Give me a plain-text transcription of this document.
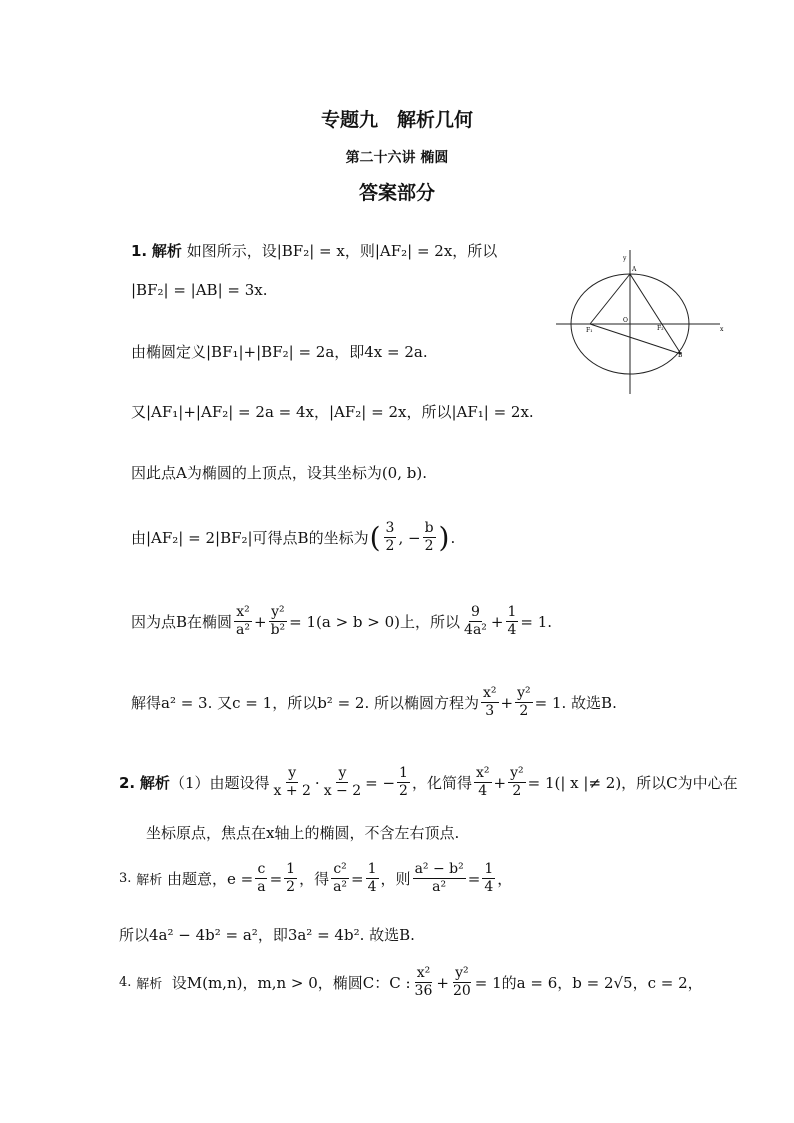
专题九　解析几何
第二十六讲 椭圆
答案部分
1.
解析
如图所示，设|BF₂| = x，则|AF₂| = 2x，所以
|BF₂| = |AB| = 3x.
由椭圆定义|BF₁|+|BF₂| = 2a，即4x = 2a.
又|AF₁|+|AF₂| = 2a = 4x，|AF₂| = 2x，所以|AF₁| = 2x.
因此点A为椭圆的上顶点，设其坐标为(0, b).
由|AF₂| = 2|BF₂|可得点B的坐标为 ( $\frac{3}{2}$ , − $\frac{b}{2}$ ) .
因为点B在椭圆 $\frac{\text{x²}}{\text{a²}} + \frac{\text{y²}}{\text{b²}} = 1(a > b > 0)$上，所以 $\frac{9}{\text{4a²}} + \frac{1}{4} = 1$.
解得a² = 3. 又c = 1，所以b² = 2. 所以椭圆方程为 $\frac{\text{x²}}{3} + \frac{\text{y²}}{2} = 1$. 故选B.
2.
解析 （1）由题设得 $\frac{y}{x + 2} \cdot \frac{y}{x - 2}$ = − $\frac{1}{2}$ ，化简得 $\frac{\text{x²}}{4} + \frac{\text{y²}}{2} = 1(|$ x |≠ 2)，所以C为中心在
坐标原点，焦点在x轴上的椭圆，不含左右顶点.
3.
解析
由题意，$e = \frac{c}{a} = \frac{1}{2}$ ，得 $\frac{\text{c²}}{\text{a²}} = \frac{1}{4}$ ，则 $\frac{\text{a² − b²}}{\text{a²}} = \frac{1}{4}$ ，
所以4a² − 4b² = a²，即3a² = 4b². 故选B.
4.
解析
设M(m,n)，m,n > 0，椭圆C：C : $\frac{\text{x²}}{36} + \frac{\text{y²}}{20} = 1$的a = 6，b = 2√5，c = 2，
x
y
A
O
F₁	F₂
B
